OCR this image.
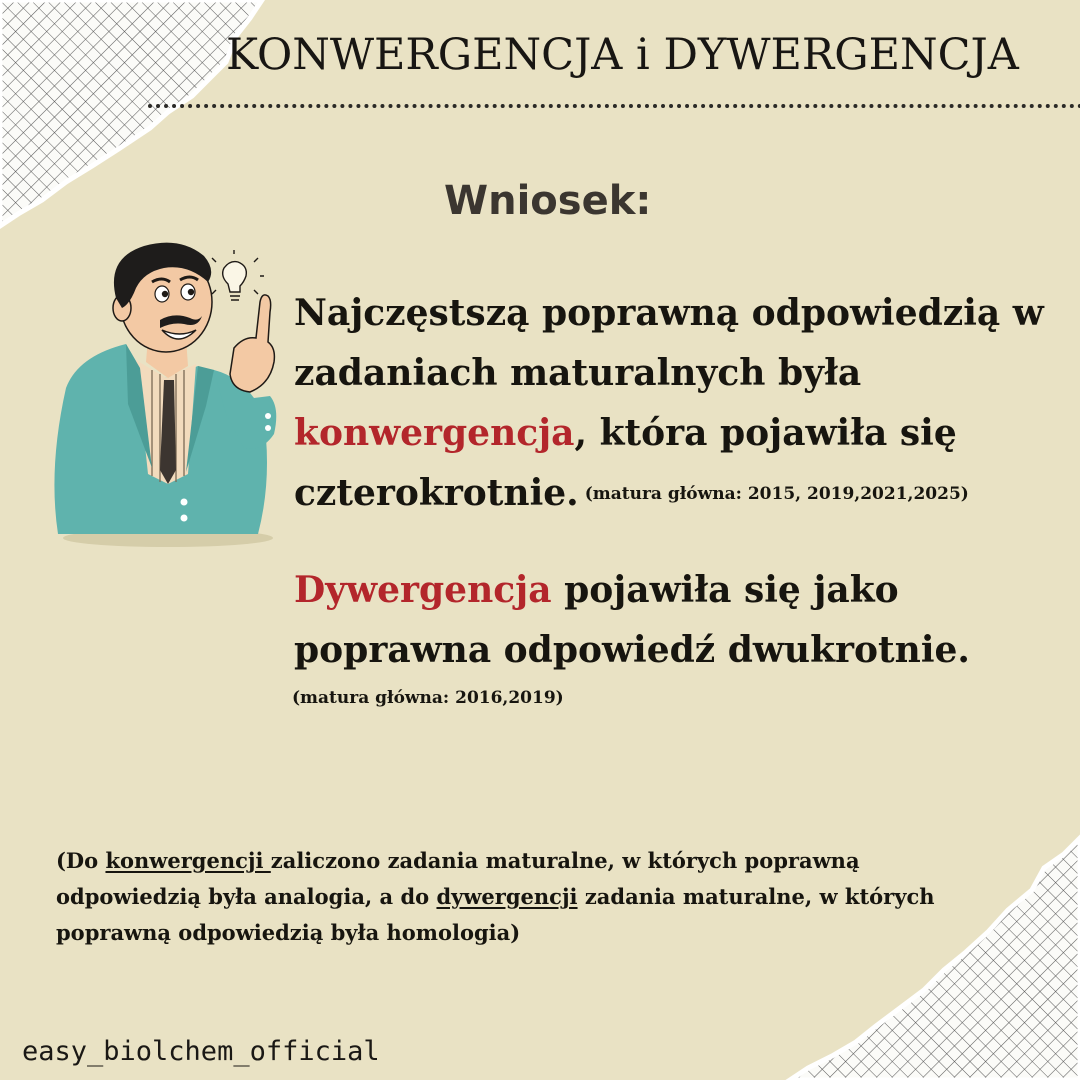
KONWERGENCJA i DYWERGENCJA
Wniosek:

Najczęstszą poprawną odpowiedzią w zadaniach maturalnych była konwergencja, która pojawiła się czterokrotnie. (matura główna: 2015, 2019,2021,2025)

Dywergencja pojawiła się jako poprawna odpowiedź dwukrotnie.

(matura główna: 2016,2019)

(Do konwergencji zaliczono zadania maturalne, w których poprawną odpowiedzią była analogia, a do dywergencji zadania maturalne, w których poprawną odpowiedzią była homologia)

easy_biolchem_official
